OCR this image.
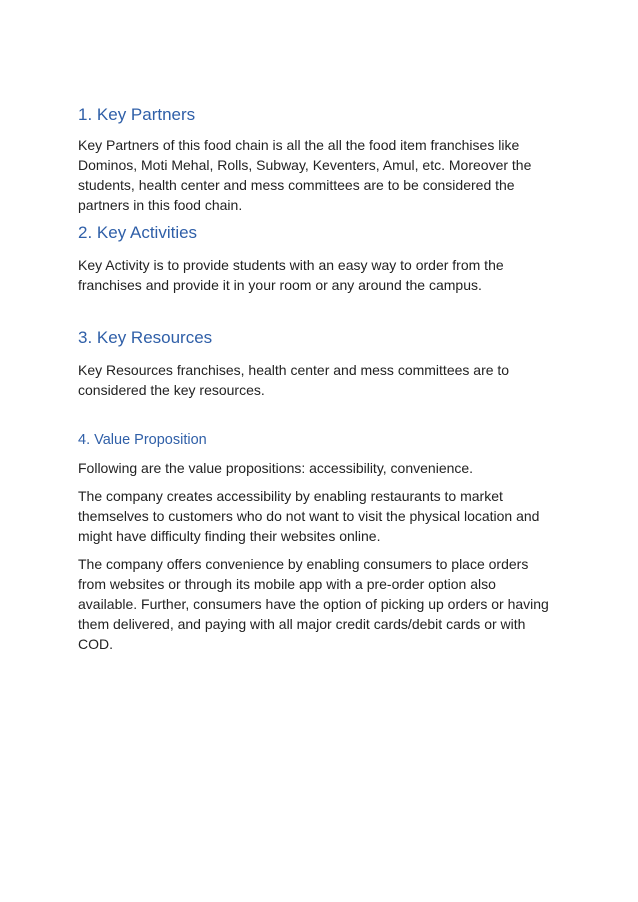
1. Key Partners

Key Partners of this food chain is all the all the food item franchises like Dominos, Moti Mehal, Rolls, Subway, Keventers, Amul, etc. Moreover the students, health center and mess committees are to be considered the partners in this food chain.

2. Key Activities

Key Activity is to provide students with an easy way to order from the franchises and provide it in your room or any around the campus.

3. Key Resources

Key Resources franchises, health center and mess committees are to considered the key resources.

4. Value Proposition

Following are the value propositions: accessibility, convenience.

The company creates accessibility by enabling restaurants to market themselves to customers who do not want to visit the physical location and might have difficulty finding their websites online.

The company offers convenience by enabling consumers to place orders from websites or through its mobile app with a pre-order option also available. Further, consumers have the option of picking up orders or having them delivered, and paying with all major credit cards/debit cards or with COD.
